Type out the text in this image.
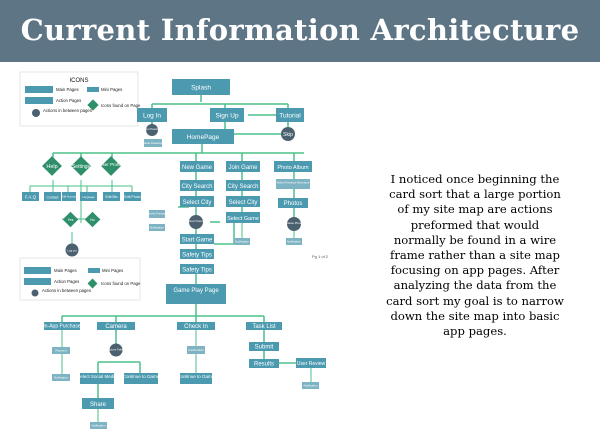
Current Information Architecture
ICONS
Main Pages	Mini Pages
Action Pages
Actions in between pages
Icons found on Page
Splash
Log In	Sign Up	Tutorial
Skip
Forgot Password
Reset Password
HomePage
Help	Settings User Profile
F.A.Q	Contact Edit Account Language	Edit Bio Edit Photo
Yes	No
Log out
New Game	Join Game	Photo Album
Select Previous Adventure
Photos
City Search
Select City
City Search
Select City
Select Game
Invite Friends
Notification
Select Friends
Start Game
Safety Tips
Safety Tips
Delete Photo
Notification	Notification
Pg 1 of 2
Main Pages	Mini Pages
Action Pages
Actions in between pages
Icons found on Page
Game Play Page
In-App Purchase	Camera	Check In	Task List
Payment
Notification
Picture Taken
Select Social Media Continue to Game
Share
Notification
Confirmation
Continue to Game
Submit
Results	User Review
Notification

I noticed once beginning the card sort that a large portion of my site map are actions preformed that would normally be found in a wire frame rather than a site map focusing on app pages. After analyzing the data from the card sort my goal is to narrow down the site map into basic app pages.
